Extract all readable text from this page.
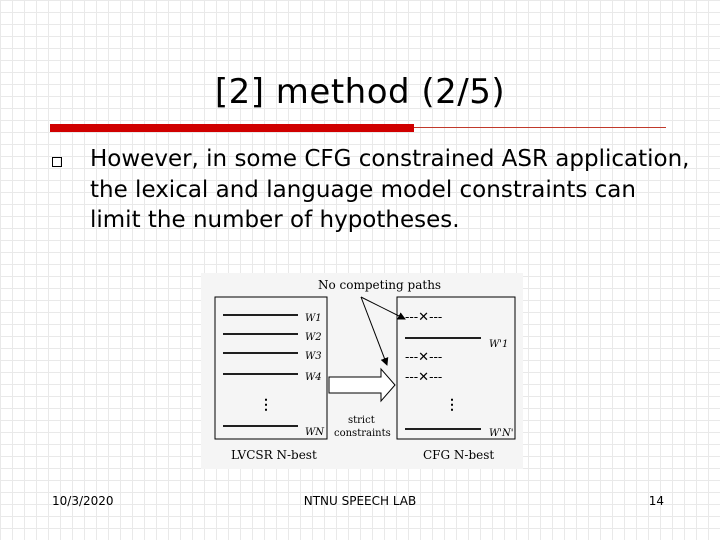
[2] method (2/5)
However, in some CFG constrained ASR application, the lexical and language model constraints can limit the number of hypotheses.
No competing paths
W1
W2
W3
W4
WN
⋮
---✕---
---✕---
---✕---
W'1
W'N'
⋮
strict
constraints
LVCSR N-best	CFG N-best
10/3/2020	NTNU SPEECH LAB	14
